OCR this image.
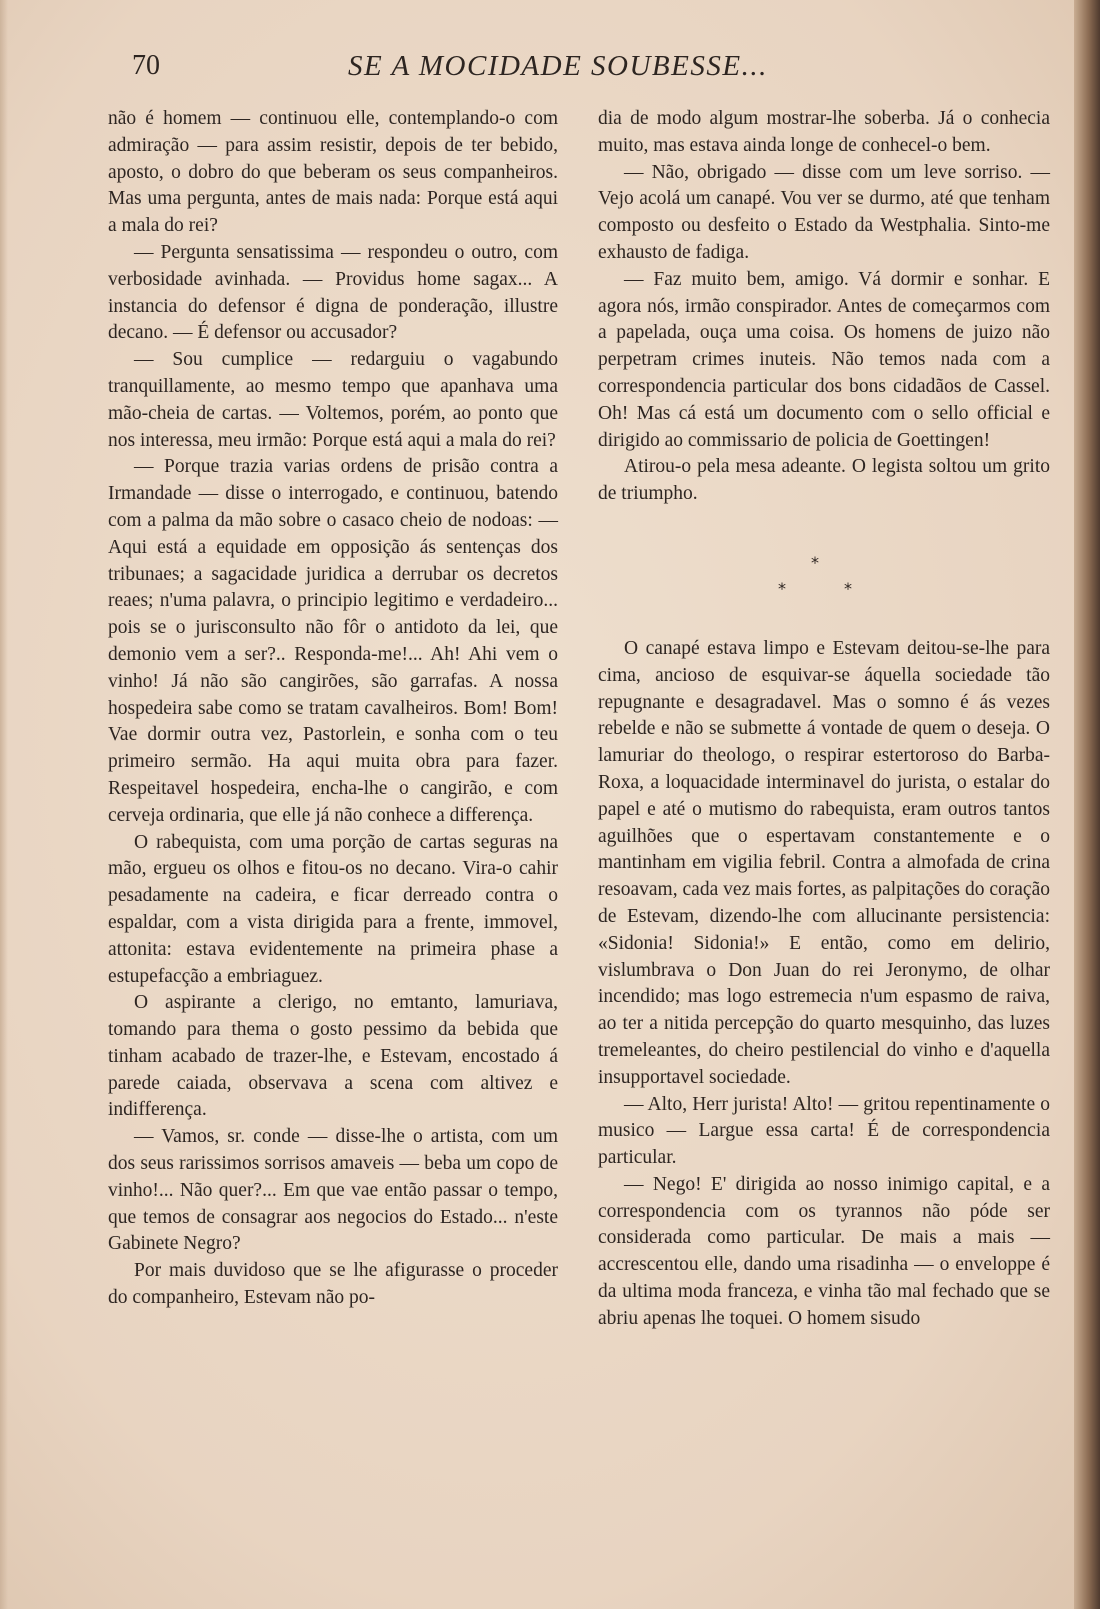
70	SE A MOCIDADE SOUBESSE...

não é homem — continuou elle, contemplando-o com admiração — para assim resistir, depois de ter bebido, aposto, o dobro do que beberam os seus companheiros. Mas uma pergunta, antes de mais nada: Porque está aqui a mala do rei?

— Pergunta sensatissima — respondeu o outro, com verbosidade avinhada. — Providus home sagax... A instancia do defensor é digna de ponderação, illustre decano. — É defensor ou accusador?

— Sou cumplice — redarguiu o vagabundo tranquillamente, ao mesmo tempo que apanhava uma mão-cheia de cartas. — Voltemos, porém, ao ponto que nos interessa, meu irmão: Porque está aqui a mala do rei?

— Porque trazia varias ordens de prisão contra a Irmandade — disse o interrogado, e continuou, batendo com a palma da mão sobre o casaco cheio de nodoas: — Aqui está a equidade em opposição ás sentenças dos tribunaes; a sagacidade juridica a derrubar os decretos reaes; n'uma palavra, o principio legitimo e verdadeiro... pois se o jurisconsulto não fôr o antidoto da lei, que demonio vem a ser?.. Responda-me!... Ah! Ahi vem o vinho! Já não são cangirões, são garrafas. A nossa hospedeira sabe como se tratam cavalheiros. Bom! Bom! Vae dormir outra vez, Pastorlein, e sonha com o teu primeiro sermão. Ha aqui muita obra para fazer. Respeitavel hospedeira, encha-lhe o cangirão, e com cerveja ordinaria, que elle já não conhece a differença.

O rabequista, com uma porção de cartas seguras na mão, ergueu os olhos e fitou-os no decano. Vira-o cahir pesadamente na cadeira, e ficar derreado contra o espaldar, com a vista dirigida para a frente, immovel, attonita: estava evidentemente na primeira phase a estupefacção a embriaguez.

O aspirante a clerigo, no emtanto, lamuriava, tomando para thema o gosto pessimo da bebida que tinham acabado de trazer-lhe, e Estevam, encostado á parede caiada, observava a scena com altivez e indifferença.

— Vamos, sr. conde — disse-lhe o artista, com um dos seus rarissimos sorrisos amaveis — beba um copo de vinho!... Não quer?... Em que vae então passar o tempo, que temos de consagrar aos negocios do Estado... n'este Gabinete Negro?

Por mais duvidoso que se lhe afigurasse o proceder do companheiro, Estevam não po-

dia de modo algum mostrar-lhe soberba. Já o conhecia muito, mas estava ainda longe de conhecel-o bem.

— Não, obrigado — disse com um leve sorriso. — Vejo acolá um canapé. Vou ver se durmo, até que tenham composto ou desfeito o Estado da Westphalia. Sinto-me exhausto de fadiga.

— Faz muito bem, amigo. Vá dormir e sonhar. E agora nós, irmão conspirador. Antes de começarmos com a papelada, ouça uma coisa. Os homens de juizo não perpetram crimes inuteis. Não temos nada com a correspondencia particular dos bons cidadãos de Cassel. Oh! Mas cá está um documento com o sello official e dirigido ao commissario de policia de Goettingen!

Atirou-o pela mesa adeante. O legista soltou um grito de triumpho.

*
*	*

O canapé estava limpo e Estevam deitou-se-lhe para cima, ancioso de esquivar-se áquella sociedade tão repugnante e desagradavel. Mas o somno é ás vezes rebelde e não se submette á vontade de quem o deseja. O lamuriar do theologo, o respirar estertoroso do Barba-Roxa, a loquacidade interminavel do jurista, o estalar do papel e até o mutismo do rabequista, eram outros tantos aguilhões que o espertavam constantemente e o mantinham em vigilia febril. Contra a almofada de crina resoavam, cada vez mais fortes, as palpitações do coração de Estevam, dizendo-lhe com allucinante persistencia: «Sidonia! Sidonia!» E então, como em delirio, vislumbrava o Don Juan do rei Jeronymo, de olhar incendido; mas logo estremecia n'um espasmo de raiva, ao ter a nitida percepção do quarto mesquinho, das luzes tremeleantes, do cheiro pestilencial do vinho e d'aquella insupportavel sociedade.

— Alto, Herr jurista! Alto! — gritou repentinamente o musico — Largue essa carta! É de correspondencia particular.

— Nego! E' dirigida ao nosso inimigo capital, e a correspondencia com os tyrannos não póde ser considerada como particular. De mais a mais — accrescentou elle, dando uma risadinha — o enveloppe é da ultima moda franceza, e vinha tão mal fechado que se abriu apenas lhe toquei. O homem sisudo
